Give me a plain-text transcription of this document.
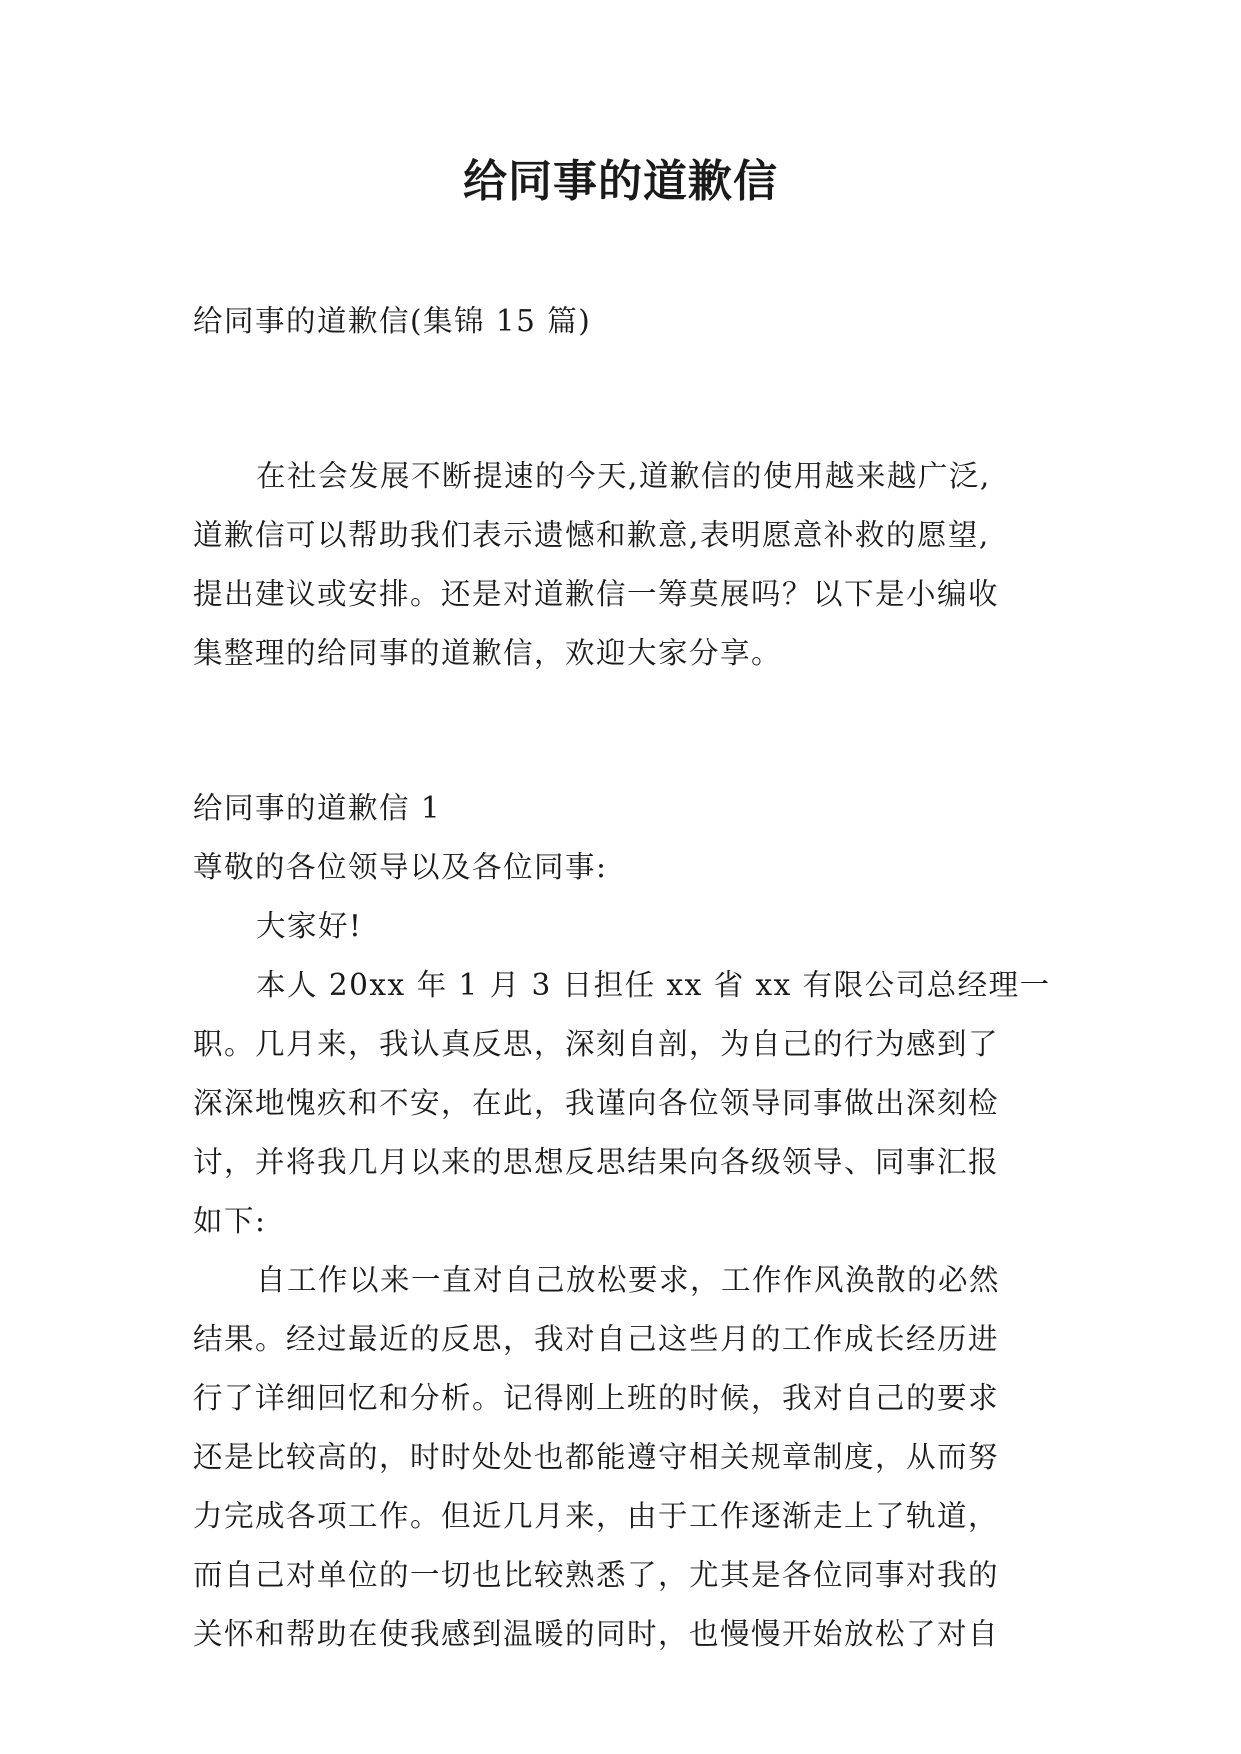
给同事的道歉信
给同事的道歉信(集锦 15 篇)
在社会发展不断提速的今天,道歉信的使用越来越广泛,
道歉信可以帮助我们表示遗憾和歉意,表明愿意补救的愿望,
提出建议或安排。还是对道歉信一筹莫展吗？以下是小编收
集整理的给同事的道歉信，欢迎大家分享。
给同事的道歉信 1
尊敬的各位领导以及各位同事:
大家好!
本人 20xx 年 1 月 3 日担任 xx 省 xx 有限公司总经理一
职。几月来，我认真反思，深刻自剖，为自己的行为感到了
深深地愧疚和不安，在此，我谨向各位领导同事做出深刻检
讨，并将我几月以来的思想反思结果向各级领导、同事汇报
如下:
自工作以来一直对自己放松要求，工作作风涣散的必然
结果。经过最近的反思，我对自己这些月的工作成长经历进
行了详细回忆和分析。记得刚上班的时候，我对自己的要求
还是比较高的，时时处处也都能遵守相关规章制度，从而努
力完成各项工作。但近几月来，由于工作逐渐走上了轨道，
而自己对单位的一切也比较熟悉了，尤其是各位同事对我的
关怀和帮助在使我感到温暖的同时，也慢慢开始放松了对自
